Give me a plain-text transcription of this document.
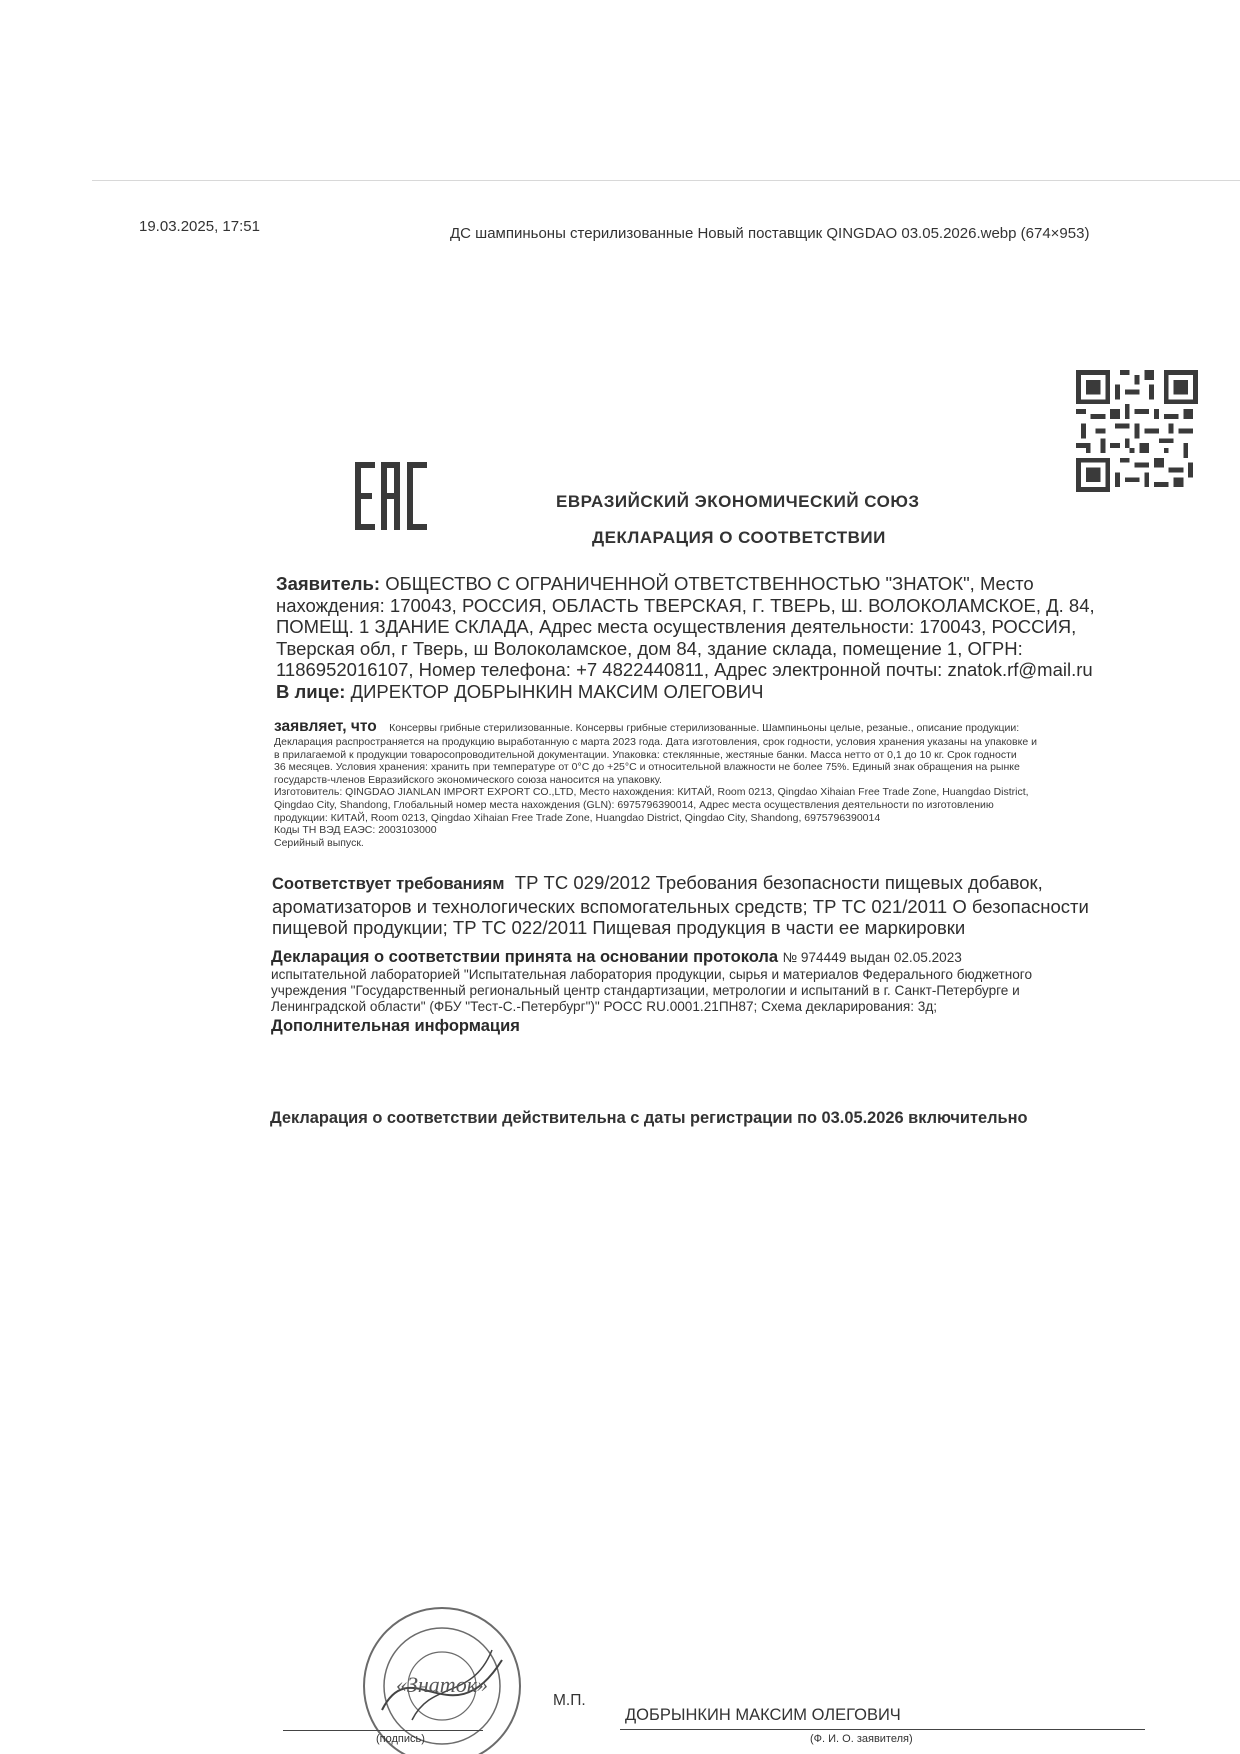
19.03.2025, 17:51	ДС шампиньоны стерилизованные Новый поставщик QINGDAO 03.05.2026.webp (674×953)
ЕВРАЗИЙСКИЙ ЭКОНОМИЧЕСКИЙ СОЮЗ
ДЕКЛАРАЦИЯ О СООТВЕТСТВИИ
Заявитель: ОБЩЕСТВО С ОГРАНИЧЕННОЙ ОТВЕТСТВЕННОСТЬЮ "ЗНАТОК", Место
нахождения: 170043, РОССИЯ, ОБЛАСТЬ ТВЕРСКАЯ, Г. ТВЕРЬ, Ш. ВОЛОКОЛАМСКОЕ, Д. 84,
ПОМЕЩ. 1 ЗДАНИЕ СКЛАДА, Адрес места осуществления деятельности: 170043, РОССИЯ,
Тверская обл, г Тверь, ш Волоколамское, дом 84, здание склада, помещение 1, ОГРН:
1186952016107, Номер телефона: +7 4822440811, Адрес электронной почты: znatok.rf@mail.ru
В лице: ДИРЕКТОР ДОБРЫНКИН МАКСИМ ОЛЕГОВИЧ
заявляет, что Консервы грибные стерилизованные. Консервы грибные стерилизованные. Шампиньоны целые, резаные., описание продукции:
Декларация распространяется на продукцию выработанную с марта 2023 года. Дата изготовления, срок годности, условия хранения указаны на упаковке и
в прилагаемой к продукции товаросопроводительной документации. Упаковка: стеклянные, жестяные банки. Масса нетто от 0,1 до 10 кг. Срок годности
36 месяцев. Условия хранения: хранить при температуре от 0°С до +25°С и относительной влажности не более 75%. Единый знак обращения на рынке
государств-членов Евразийского экономического союза наносится на упаковку.
Изготовитель: QINGDAO JIANLAN IMPORT EXPORT CO.,LTD, Место нахождения: КИТАЙ, Room 0213, Qingdao Xihaian Free Trade Zone, Huangdao District,
Qingdao City, Shandong, Глобальный номер места нахождения (GLN): 6975796390014, Адрес места осуществления деятельности по изготовлению
продукции: КИТАЙ, Room 0213, Qingdao Xihaian Free Trade Zone, Huangdao District, Qingdao City, Shandong, 6975796390014
Коды ТН ВЭД ЕАЭС: 2003103000
Серийный выпуск.
Соответствует требованиям ТР ТС 029/2012 Требования безопасности пищевых добавок,
ароматизаторов и технологических вспомогательных средств; ТР ТС 021/2011 О безопасности
пищевой продукции; ТР ТС 022/2011 Пищевая продукция в части ее маркировки
Декларация о соответствии принята на основании протокола № 974449 выдан 02.05.2023
испытательной лабораторией "Испытательная лаборатория продукции, сырья и материалов Федерального бюджетного
учреждения "Государственный региональный центр стандартизации, метрологии и испытаний в г. Санкт-Петербурге и
Ленинградской области" (ФБУ "Тест-С.-Петербург")" РОСС RU.0001.21ПН87; Схема декларирования: 3д;
Дополнительная информация
Декларация о соответствии действительна с даты регистрации по 03.05.2026 включительно
«Знаток»
(подпись)
М.П.
ДОБРЫНКИН МАКСИМ ОЛЕГОВИЧ
(Ф. И. О. заявителя)
